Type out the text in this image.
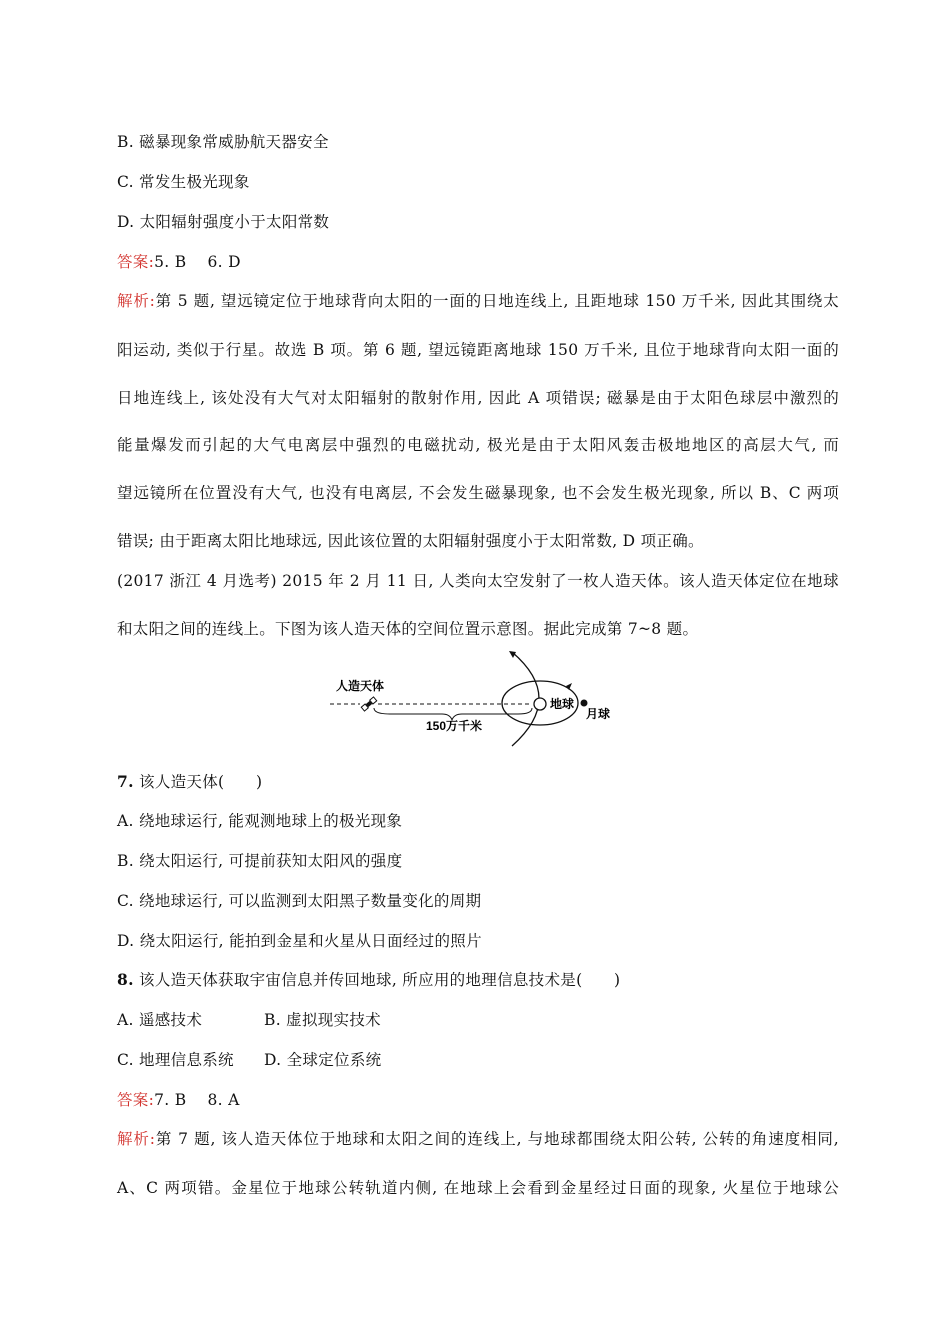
B. 磁暴现象常威胁航天器安全
C. 常发生极光现象
D. 太阳辐射强度小于太阳常数
答案:5. B　 6. D
解析:第 5 题, 望远镜定位于地球背向太阳的一面的日地连线上, 且距地球 150 万千米, 因此其围绕太
阳运动, 类似于行星。故选 B 项。第 6 题, 望远镜距离地球 150 万千米, 且位于地球背向太阳一面的
日地连线上, 该处没有大气对太阳辐射的散射作用, 因此 A 项错误; 磁暴是由于太阳色球层中激烈的
能量爆发而引起的大气电离层中强烈的电磁扰动, 极光是由于太阳风轰击极地地区的高层大气, 而
望远镜所在位置没有大气, 也没有电离层, 不会发生磁暴现象, 也不会发生极光现象, 所以 B、C 两项
错误; 由于距离太阳比地球远, 因此该位置的太阳辐射强度小于太阳常数, D 项正确。
(2017 浙江 4 月选考) 2015 年 2 月 11 日, 人类向太空发射了一枚人造天体。该人造天体定位在地球
和太阳之间的连线上。下图为该人造天体的空间位置示意图。据此完成第 7~8 题。
人造天体
150万千米
地球
月球
7. 该人造天体(　　)
A. 绕地球运行, 能观测地球上的极光现象
B. 绕太阳运行, 可提前获知太阳风的强度
C. 绕地球运行, 可以监测到太阳黑子数量变化的周期
D. 绕太阳运行, 能拍到金星和火星从日面经过的照片
8. 该人造天体获取宇宙信息并传回地球, 所应用的地理信息技术是(　　)
A. 遥感技术	B. 虚拟现实技术
C. 地理信息系统 D. 全球定位系统
答案:7. B　 8. A
解析:第 7 题, 该人造天体位于地球和太阳之间的连线上, 与地球都围绕太阳公转, 公转的角速度相同,
A、C 两项错。金星位于地球公转轨道内侧, 在地球上会看到金星经过日面的现象, 火星位于地球公
